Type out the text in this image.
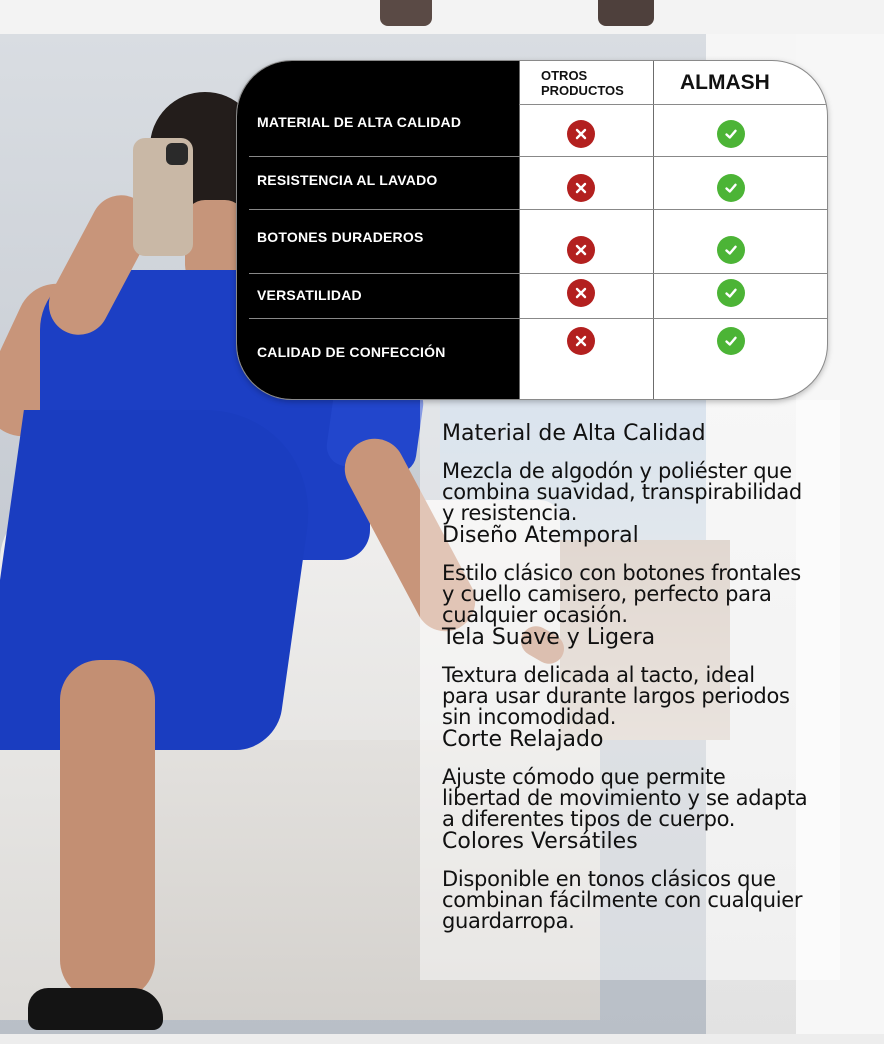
OTROS
PRODUCTOS	ALMASH
MATERIAL DE ALTA CALIDAD
RESISTENCIA AL LAVADO
BOTONES DURADEROS
VERSATILIDAD
CALIDAD DE CONFECCIÓN
Material de Alta Calidad
Mezcla de algodón y poliéster que
combina suavidad, transpirabilidad
y resistencia.
Diseño Atemporal
Estilo clásico con botones frontales
y cuello camisero, perfecto para
cualquier ocasión.
Tela Suave y Ligera
Textura delicada al tacto, ideal
para usar durante largos periodos
sin incomodidad.
Corte Relajado
Ajuste cómodo que permite
libertad de movimiento y se adapta
a diferentes tipos de cuerpo.
Colores Versátiles
Disponible en tonos clásicos que
combinan fácilmente con cualquier
guardarropa.
